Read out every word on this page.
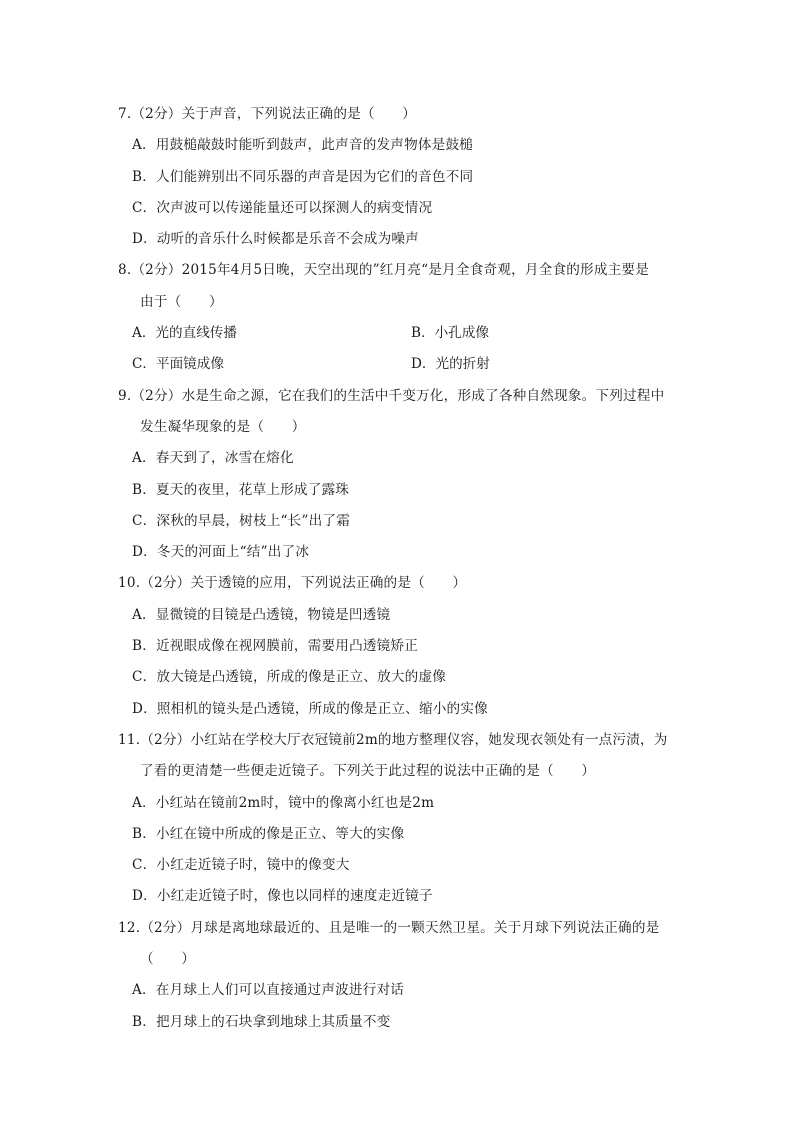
7.（2分）关于声音，下列说法正确的是（　　）
A．用鼓槌敲鼓时能听到鼓声，此声音的发声物体是鼓槌
B．人们能辨别出不同乐器的声音是因为它们的音色不同
C．次声波可以传递能量还可以探测人的病变情况
D．动听的音乐什么时候都是乐音不会成为噪声
8.（2分）2015年4月5日晚，天空出现的”红月亮“是月全食奇观，月全食的形成主要是
由于（　　）
A．光的直线传播	B．小孔成像
C．平面镜成像	D．光的折射
9.（2分）水是生命之源，它在我们的生活中千变万化，形成了各种自然现象。下列过程中
发生凝华现象的是（　　）
A．春天到了，冰雪在熔化
B．夏天的夜里，花草上形成了露珠
C．深秋的早晨，树枝上“长”出了霜
D．冬天的河面上“结”出了冰
10.（2分）关于透镜的应用，下列说法正确的是（　　）
A．显微镜的目镜是凸透镜，物镜是凹透镜
B．近视眼成像在视网膜前，需要用凸透镜矫正
C．放大镜是凸透镜，所成的像是正立、放大的虚像
D．照相机的镜头是凸透镜，所成的像是正立、缩小的实像
11.（2分）小红站在学校大厅衣冠镜前2m的地方整理仪容，她发现衣领处有一点污渍，为
了看的更清楚一些便走近镜子。下列关于此过程的说法中正确的是（　　）
A．小红站在镜前2m时，镜中的像离小红也是2m
B．小红在镜中所成的像是正立、等大的实像
C．小红走近镜子时，镜中的像变大
D．小红走近镜子时，像也以同样的速度走近镜子
12.（2分）月球是离地球最近的、且是唯一的一颗天然卫星。关于月球下列说法正确的是
（　　）
A．在月球上人们可以直接通过声波进行对话
B．把月球上的石块拿到地球上其质量不变
